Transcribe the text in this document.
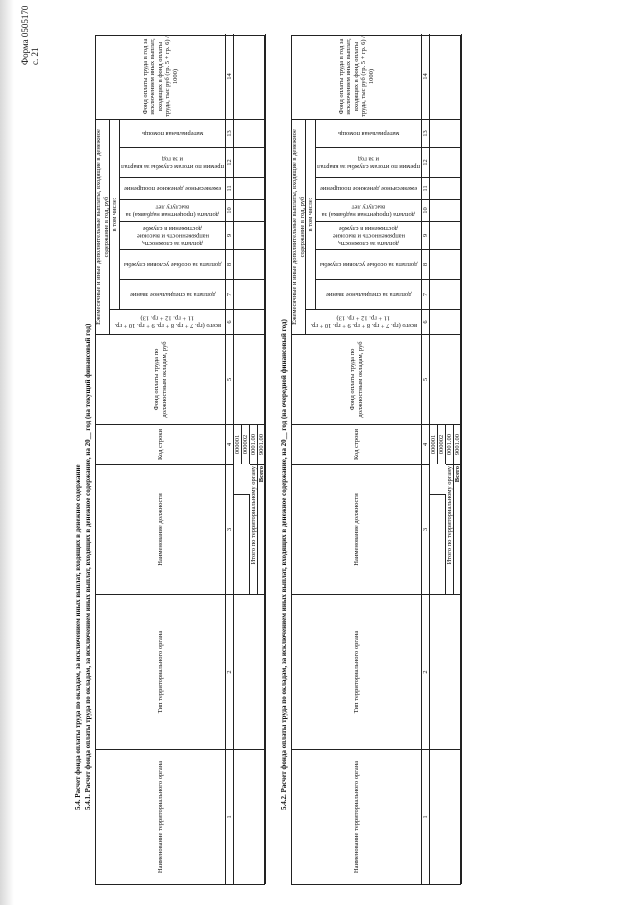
Форма 0505170 с. 21
5.4. Расчет фонда оплаты труда по окладам, за исключением иных выплат, входящих в денежное содержание 5.4.1. Расчет фонда оплаты труда по окладам, за исключением иных выплат, входящих в денежное содержание, на 20__ год (на текущий финансовый год)
Наименование территориального органа
Тип территориального органа
Наименование должности
Код строки
Фонд оплаты труда по должностным окладам, руб
Ежемесячные и иные дополнительные выплаты, входящие в денежное содержание в год, руб
всего (гр. 7 + гр. 8 + гр. 9 + гр. 10 + гр. 11 + гр. 12 + гр. 13)
в том числе:
доплата за специальное звание
доплата за особые условия службы
доплата за сложность, напряженность и высокие достижения в службе
доплата (процентная надбавка) за выслугу лет
ежемесячное денежное поощрение
премии по итогам службы за квартал и за год
материальная помощь
Фонд оплаты труда в год за исключением иных выплат, входящих в фонд оплаты труда, тыс руб (гр. 5 + гр. 6) / 1000)
1
2
3
4
5
6
7
8
9
10
11
12
13
14
Итого по территориальному органу Всего
000001 000002 0001.00 9001.00 5.4.2. Расчет фонда оплаты труда по окладам, за исключением иных выплат, входящих в денежное содержание, на 20__ год (на очередной финансовый год)
Наименование территориального органа
Тип территориального органа
Наименование должности
Код строки
Фонд оплаты труда по должностным окладам, руб
Ежемесячные и иные дополнительные выплаты, входящие в денежное содержание в год, руб
всего (гр. 7 + гр. 8 + гр. 9 + гр. 10 + гр. 11 + гр. 12 + гр. 13)
в том числе:
доплата за специальное звание
доплата за особые условия службы
доплата за сложность, напряженность и высокие достижения в службе
доплата (процентная надбавка) за выслугу лет
ежемесячное денежное поощрение
премии по итогам службы за квартал и за год
материальная помощь
Фонд оплаты труда в год за исключением иных выплат, входящих в фонд оплаты труда, тыс руб (гр. 5 + гр. 6) / 1000)
1
2
3
4
5
6
7
8
9
10
11
12
13
14
Итого по территориальному органу Всего
000001 000002 0001.00 9001.00
